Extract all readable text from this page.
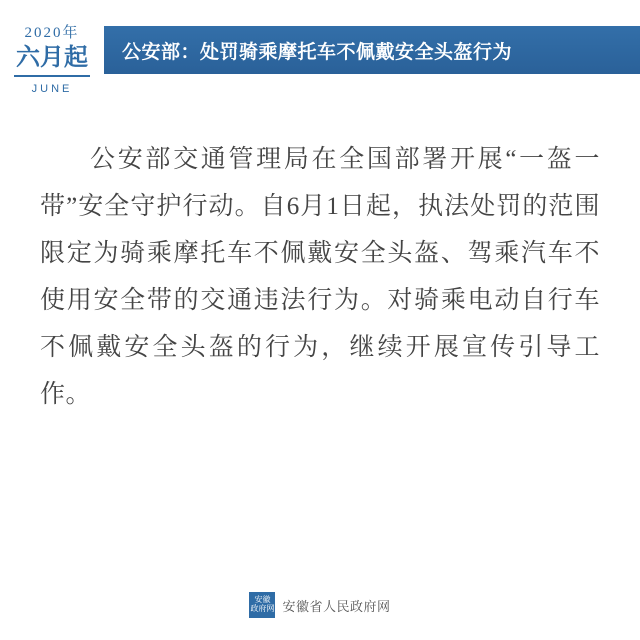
2020年
六月起
JUNE
公安部：处罚骑乘摩托车不佩戴安全头盔行为

公安部交通管理局在全国部署开展“一盔一带”安全守护行动。自6月1日起，执法处罚的范围限定为骑乘摩托车不佩戴安全头盔、驾乘汽车不使用安全带的交通违法行为。对骑乘电动自行车不佩戴安全头盔的行为，继续开展宣传引导工作。

安徽
政府网 安徽省人民政府网
